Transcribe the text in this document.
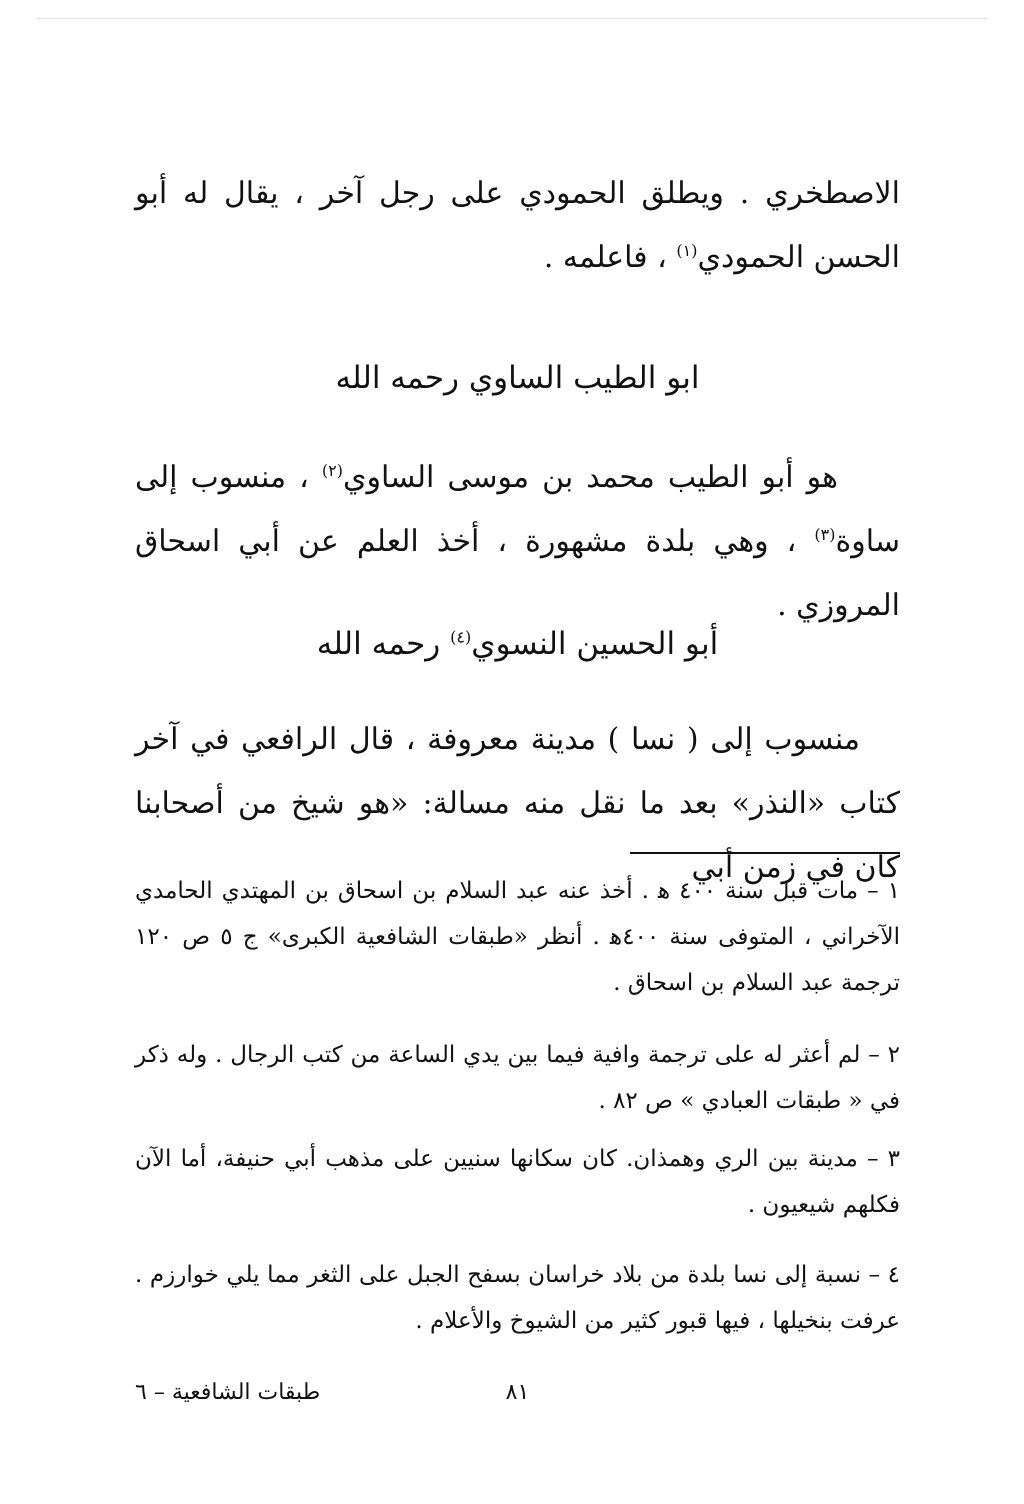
الاصطخري . ويطلق الحمودي على رجل آخر ، يقال له أبو الحسن الحمودي$^{(١)}$ ، فاعلمه .
ابو الطيب الساوي رحمه الله
هو أبو الطيب محمد بن موسى الساوي$^{(٢)}$ ، منسوب إلى ساوة$^{(٣)}$ ، وهي بلدة مشهورة ، أخذ العلم عن أبي اسحاق المروزي .
أبو الحسين النسوي$^{(٤)}$ رحمه الله
منسوب إلى ( نسا ) مدينة معروفة ، قال الرافعي في آخر كتاب «النذر» بعد ما نقل منه مسالة: «هو شيخ من أصحابنا كان في زمن أبي
١ – مات قبل سنة ٤٠٠ ﻫ . أخذ عنه عبد السلام بن اسحاق بن المهتدي الحامدي الآخراني ، المتوفى سنة ٤٠٠ﻫ . أنظر «طبقات الشافعية الكبرى» ج ٥ ص ١٢٠ ترجمة عبد السلام بن اسحاق .
٢ – لم أعثر له على ترجمة وافية فيما بين يدي الساعة من كتب الرجال . وله ذكر في « طبقات العبادي » ص ٨٢ .
٣ – مدينة بين الري وهمذان. كان سكانها سنيين على مذهب أبي حنيفة، أما الآن فكلهم شيعيون .
٤ – نسبة إلى نسا بلدة من بلاد خراسان بسفح الجبل على الثغر مما يلي خوارزم . عرفت بنخيلها ، فيها قبور كثير من الشيوخ والأعلام .
٨١
طبقات الشافعية – ٦
